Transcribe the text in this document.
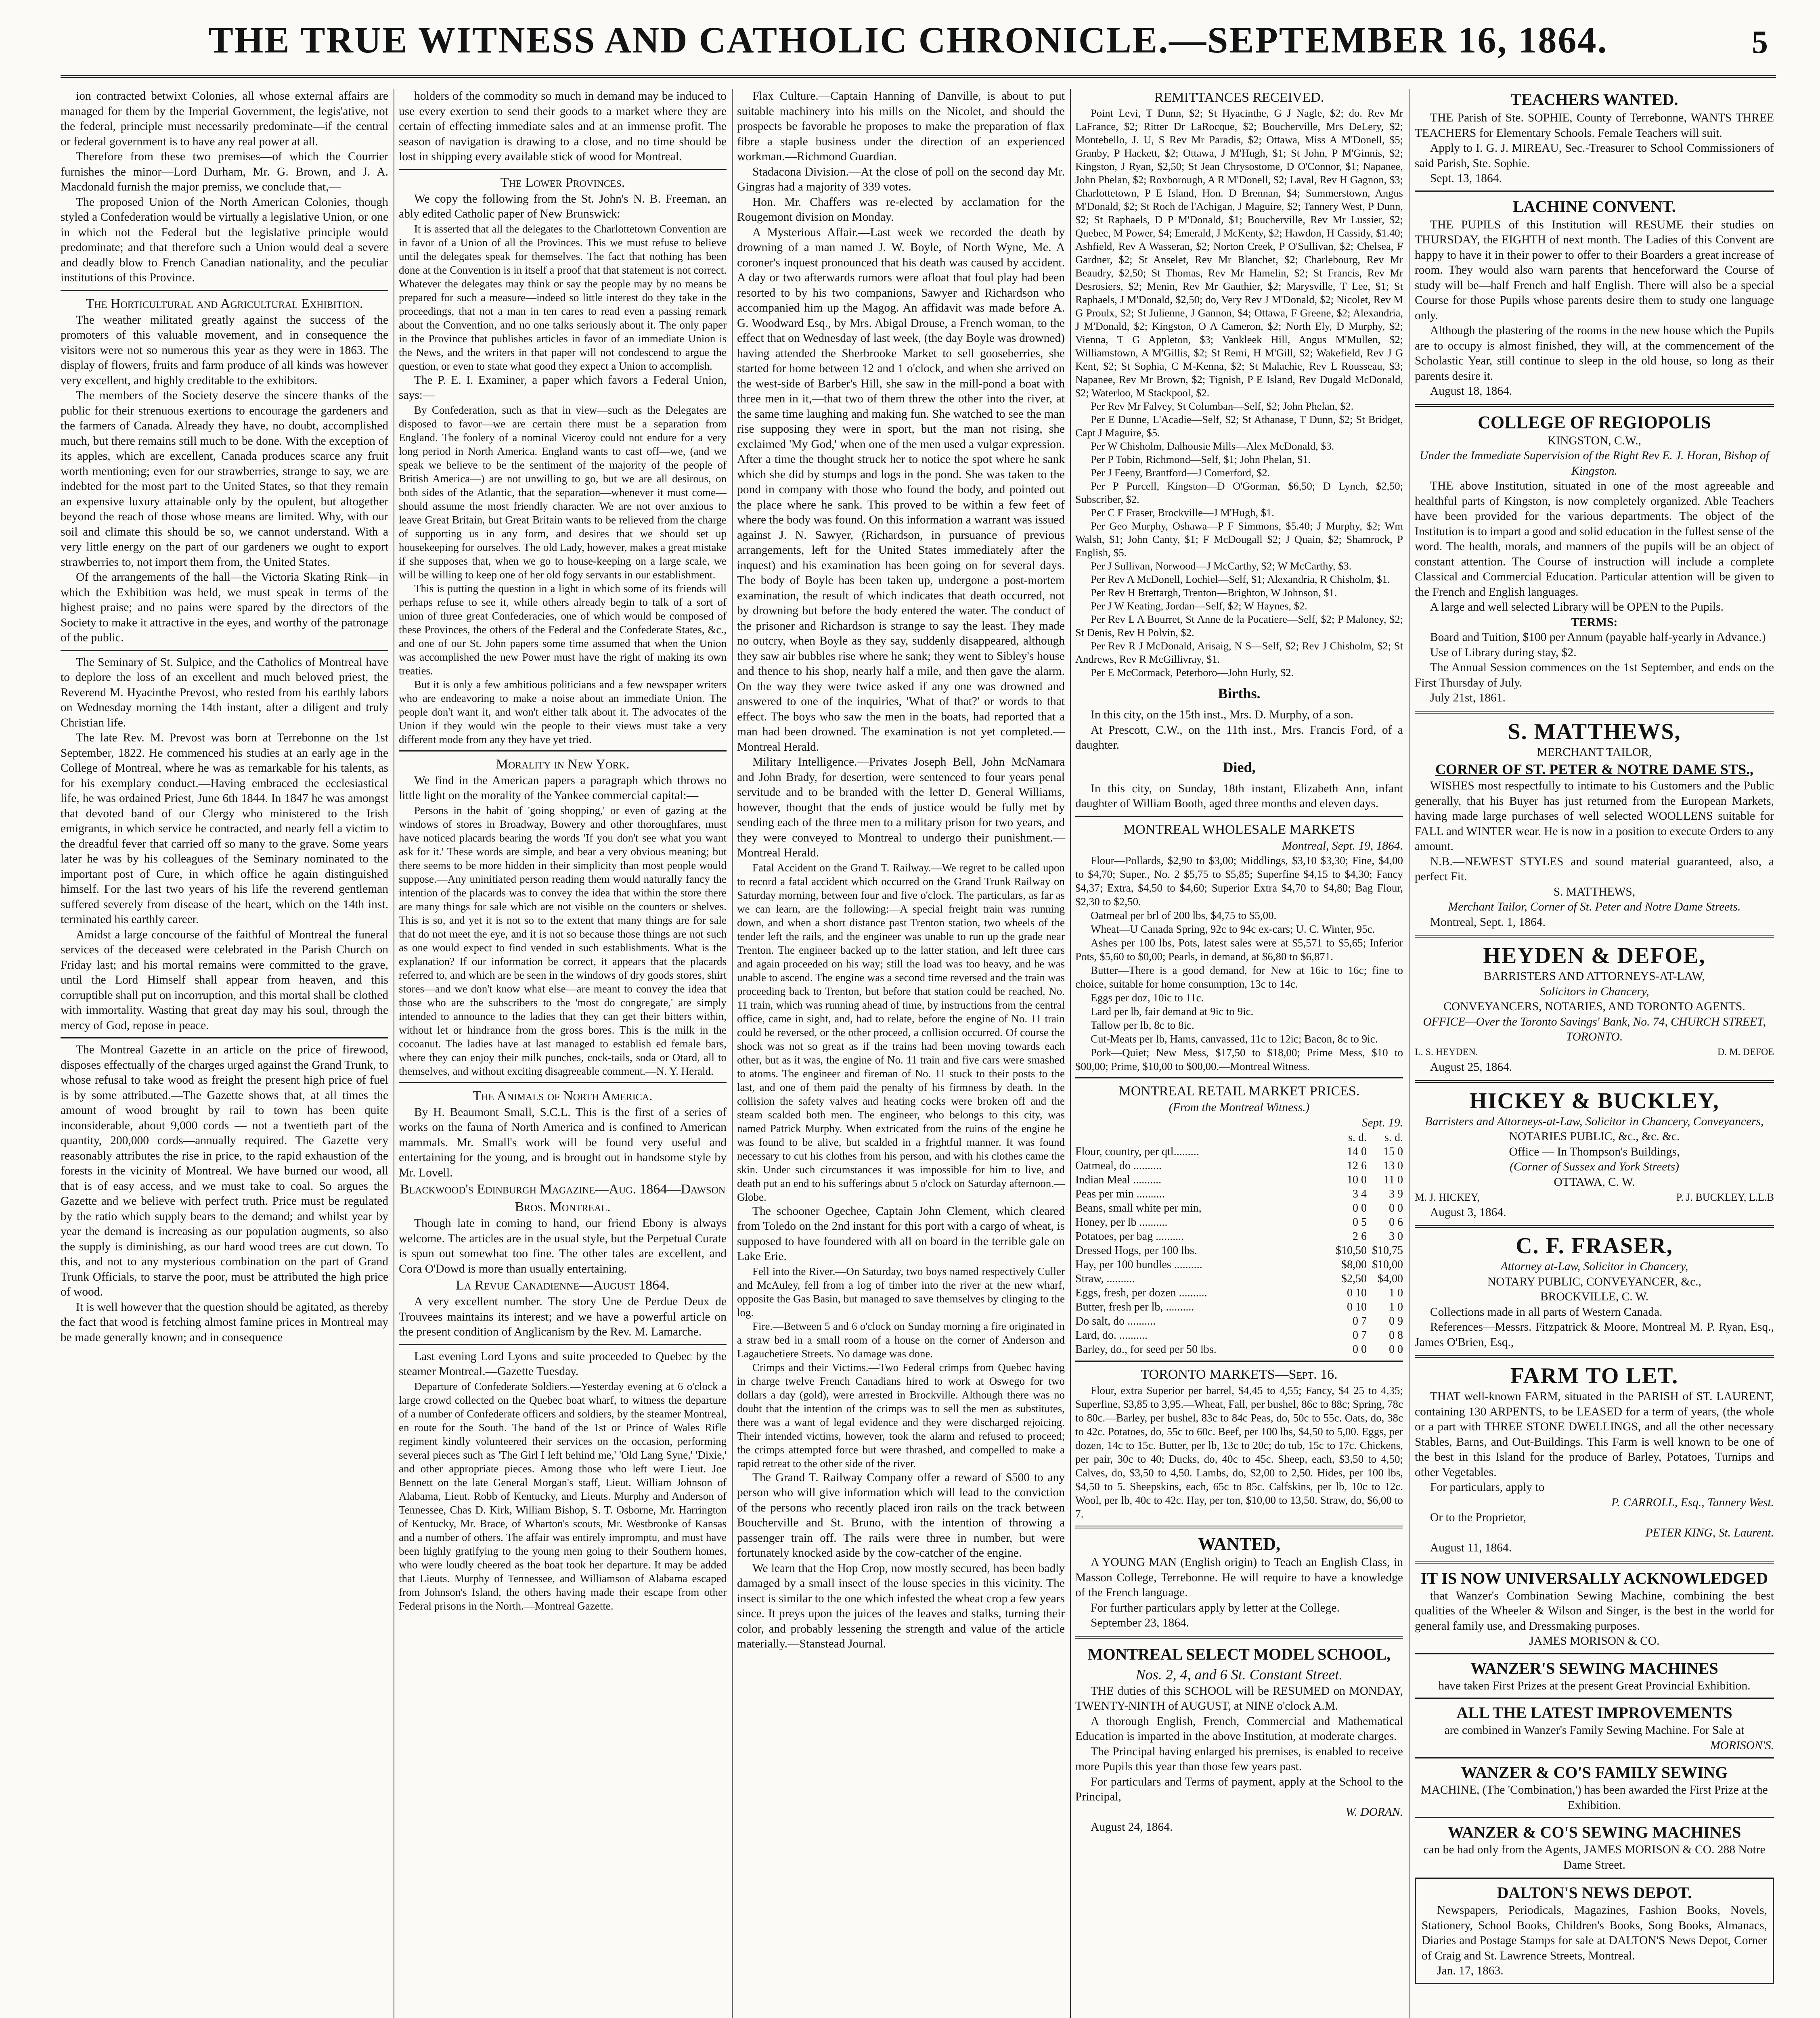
THE TRUE WITNESS AND CATHOLIC CHRONICLE.—SEPTEMBER 16, 1864.	5

ion contracted betwixt Colonies, all whose external affairs are managed for them by the Imperial Government, the legis'ative, not the federal, principle must necessarily predominate—if the central or federal government is to have any real power at all.

Therefore from these two premises—of which the Courrier furnishes the minor—Lord Durham, Mr. G. Brown, and J. A. Macdonald furnish the major premiss, we conclude that,—

The proposed Union of the North American Colonies, though styled a Confederation would be virtually a legislative Union, or one in which not the Federal but the legislative principle would predominate; and that therefore such a Union would deal a severe and deadly blow to French Canadian nationality, and the peculiar institutions of this Province.

The Horticultural and Agricultural Exhibition.

The weather militated greatly against the success of the promoters of this valuable movement, and in consequence the visitors were not so numerous this year as they were in 1863. The display of flowers, fruits and farm produce of all kinds was however very excellent, and highly creditable to the exhibitors.

The members of the Society deserve the sincere thanks of the public for their strenuous exertions to encourage the gardeners and the farmers of Canada. Already they have, no doubt, accomplished much, but there remains still much to be done. With the exception of its apples, which are excellent, Canada produces scarce any fruit worth mentioning; even for our strawberries, strange to say, we are indebted for the most part to the United States, so that they remain an expensive luxury attainable only by the opulent, but altogether beyond the reach of those whose means are limited. Why, with our soil and climate this should be so, we cannot understand. With a very little energy on the part of our gardeners we ought to export strawberries to, not import them from, the United States.

Of the arrangements of the hall—the Victoria Skating Rink—in which the Exhibition was held, we must speak in terms of the highest praise; and no pains were spared by the directors of the Society to make it attractive in the eyes, and worthy of the patronage of the public.

The Seminary of St. Sulpice, and the Catholics of Montreal have to deplore the loss of an excellent and much beloved priest, the Reverend M. Hyacinthe Prevost, who rested from his earthly labors on Wednesday morning the 14th instant, after a diligent and truly Christian life.

The late Rev. M. Prevost was born at Terrebonne on the 1st September, 1822. He commenced his studies at an early age in the College of Montreal, where he was as remarkable for his talents, as for his exemplary conduct.—Having embraced the ecclesiastical life, he was ordained Priest, June 6th 1844. In 1847 he was amongst that devoted band of our Clergy who ministered to the Irish emigrants, in which service he contracted, and nearly fell a victim to the dreadful fever that carried off so many to the grave. Some years later he was by his colleagues of the Seminary nominated to the important post of Cure, in which office he again distinguished himself. For the last two years of his life the reverend gentleman suffered severely from disease of the heart, which on the 14th inst. terminated his earthly career.

Amidst a large concourse of the faithful of Montreal the funeral services of the deceased were celebrated in the Parish Church on Friday last; and his mortal remains were committed to the grave, until the Lord Himself shall appear from heaven, and this corruptible shall put on incorruption, and this mortal shall be clothed with immortality. Wasting that great day may his soul, through the mercy of God, repose in peace.

The Montreal Gazette in an article on the price of firewood, disposes effectually of the charges urged against the Grand Trunk, to whose refusal to take wood as freight the present high price of fuel is by some attributed.—The Gazette shows that, at all times the amount of wood brought by rail to town has been quite inconsiderable, about 9,000 cords — not a twentieth part of the quantity, 200,000 cords—annually required. The Gazette very reasonably attributes the rise in price, to the rapid exhaustion of the forests in the vicinity of Montreal. We have burned our wood, all that is of easy access, and we must take to coal. So argues the Gazette and we believe with perfect truth. Price must be regulated by the ratio which supply bears to the demand; and whilst year by year the demand is increasing as our population augments, so also the supply is diminishing, as our hard wood trees are cut down. To this, and not to any mysterious combination on the part of Grand Trunk Officials, to starve the poor, must be attributed the high price of wood.

It is well however that the question should be agitated, as thereby the fact that wood is fetching almost famine prices in Montreal may be made generally known; and in consequence

holders of the commodity so much in demand may be induced to use every exertion to send their goods to a market where they are certain of effecting immediate sales and at an immense profit. The season of navigation is drawing to a close, and no time should be lost in shipping every available stick of wood for Montreal.

The Lower Provinces.

We copy the following from the St. John's N. B. Freeman, an ably edited Catholic paper of New Brunswick:

It is asserted that all the delegates to the Charlottetown Convention are in favor of a Union of all the Provinces. This we must refuse to believe until the delegates speak for themselves. The fact that nothing has been done at the Convention is in itself a proof that that statement is not correct. Whatever the delegates may think or say the people may by no means be prepared for such a measure—indeed so little interest do they take in the proceedings, that not a man in ten cares to read even a passing remark about the Convention, and no one talks seriously about it. The only paper in the Province that publishes articles in favor of an immediate Union is the News, and the writers in that paper will not condescend to argue the question, or even to state what good they expect a Union to accomplish.

The P. E. I. Examiner, a paper which favors a Federal Union, says:—

By Confederation, such as that in view—such as the Delegates are disposed to favor—we are certain there must be a separation from England. The foolery of a nominal Viceroy could not endure for a very long period in North America. England wants to cast off—we, (and we speak we believe to be the sentiment of the majority of the people of British America—) are not unwilling to go, but we are all desirous, on both sides of the Atlantic, that the separation—whenever it must come—should assume the most friendly character. We are not over anxious to leave Great Britain, but Great Britain wants to be relieved from the charge of supporting us in any form, and desires that we should set up housekeeping for ourselves. The old Lady, however, makes a great mistake if she supposes that, when we go to house-keeping on a large scale, we will be willing to keep one of her old fogy servants in our establishment.

This is putting the question in a light in which some of its friends will perhaps refuse to see it, while others already begin to talk of a sort of union of three great Confederacies, one of which would be composed of these Provinces, the others of the Federal and the Confederate States, &c., and one of our St. John papers some time assumed that when the Union was accomplished the new Power must have the right of making its own treaties.

But it is only a few ambitious politicians and a few newspaper writers who are endeavoring to make a noise about an immediate Union. The people don't want it, and won't either talk about it. The advocates of the Union if they would win the people to their views must take a very different mode from any they have yet tried.

Morality in New York.

We find in the American papers a paragraph which throws no little light on the morality of the Yankee commercial capital:—

Persons in the habit of 'going shopping,' or even of gazing at the windows of stores in Broadway, Bowery and other thoroughfares, must have noticed placards bearing the words 'If you don't see what you want ask for it.' These words are simple, and bear a very obvious meaning; but there seems to be more hidden in their simplicity than most people would suppose.—Any uninitiated person reading them would naturally fancy the intention of the placards was to convey the idea that within the store there are many things for sale which are not visible on the counters or shelves. This is so, and yet it is not so to the extent that many things are for sale that do not meet the eye, and it is not so because those things are not such as one would expect to find vended in such establishments. What is the explanation? If our information be correct, it appears that the placards referred to, and which are be seen in the windows of dry goods stores, shirt stores—and we don't know what else—are meant to convey the idea that those who are the subscribers to the 'most do congregate,' are simply intended to announce to the ladies that they can get their bitters within, without let or hindrance from the gross bores. This is the milk in the cocoanut. The ladies have at last managed to establish ed female bars, where they can enjoy their milk punches, cock-tails, soda or Otard, all to themselves, and without exciting disagreeable comment.—N. Y. Herald.

The Animals of North America.

By H. Beaumont Small, S.C.L. This is the first of a series of works on the fauna of North America and is confined to American mammals. Mr. Small's work will be found very useful and entertaining for the young, and is brought out in handsome style by Mr. Lovell.

Blackwood's Edinburgh Magazine—Aug. 1864—Dawson Bros. Montreal.

Though late in coming to hand, our friend Ebony is always welcome. The articles are in the usual style, but the Perpetual Curate is spun out somewhat too fine. The other tales are excellent, and Cora O'Dowd is more than usually entertaining.

La Revue Canadienne—August 1864.

A very excellent number. The story Une de Perdue Deux de Trouvees maintains its interest; and we have a powerful article on the present condition of Anglicanism by the Rev. M. Lamarche.

Last evening Lord Lyons and suite proceeded to Quebec by the steamer Montreal.—Gazette Tuesday.

Departure of Confederate Soldiers.—Yesterday evening at 6 o'clock a large crowd collected on the Quebec boat wharf, to witness the departure of a number of Confederate officers and soldiers, by the steamer Montreal, en route for the South. The band of the 1st or Prince of Wales Rifle regiment kindly volunteered their services on the occasion, performing several pieces such as 'The Girl I left behind me,' 'Old Lang Syne,' 'Dixie,' and other appropriate pieces. Among those who left were Lieut. Joe Bennett on the late General Morgan's staff, Lieut. William Johnson of Alabama, Lieut. Robb of Kentucky, and Lieuts. Murphy and Anderson of Tennessee, Chas D. Kirk, William Bishop, S. T. Osborne, Mr. Harrington of Kentucky, Mr. Brace, of Wharton's scouts, Mr. Westbrooke of Kansas and a number of others. The affair was entirely impromptu, and must have been highly gratifying to the young men going to their Southern homes, who were loudly cheered as the boat took her departure. It may be added that Lieuts. Murphy of Tennessee, and Williamson of Alabama escaped from Johnson's Island, the others having made their escape from other Federal prisons in the North.—Montreal Gazette.

Flax Culture.—Captain Hanning of Danville, is about to put suitable machinery into his mills on the Nicolet, and should the prospects be favorable he proposes to make the preparation of flax fibre a staple business under the direction of an experienced workman.—Richmond Guardian.

Stadacona Division.—At the close of poll on the second day Mr. Gingras had a majority of 339 votes.

Hon. Mr. Chaffers was re-elected by acclamation for the Rougemont division on Monday.

A Mysterious Affair.—Last week we recorded the death by drowning of a man named J. W. Boyle, of North Wyne, Me. A coroner's inquest pronounced that his death was caused by accident. A day or two afterwards rumors were afloat that foul play had been resorted to by his two companions, Sawyer and Richardson who accompanied him up the Magog. An affidavit was made before A. G. Woodward Esq., by Mrs. Abigal Drouse, a French woman, to the effect that on Wednesday of last week, (the day Boyle was drowned) having attended the Sherbrooke Market to sell gooseberries, she started for home between 12 and 1 o'clock, and when she arrived on the west-side of Barber's Hill, she saw in the mill-pond a boat with three men in it,—that two of them threw the other into the river, at the same time laughing and making fun. She watched to see the man rise supposing they were in sport, but the man not rising, she exclaimed 'My God,' when one of the men used a vulgar expression. After a time the thought struck her to notice the spot where he sank which she did by stumps and logs in the pond. She was taken to the pond in company with those who found the body, and pointed out the place where he sank. This proved to be within a few feet of where the body was found. On this information a warrant was issued against J. N. Sawyer, (Richardson, in pursuance of previous arrangements, left for the United States immediately after the inquest) and his examination has been going on for several days. The body of Boyle has been taken up, undergone a post-mortem examination, the result of which indicates that death occurred, not by drowning but before the body entered the water. The conduct of the prisoner and Richardson is strange to say the least. They made no outcry, when Boyle as they say, suddenly disappeared, although they saw air bubbles rise where he sank; they went to Sibley's house and thence to his shop, nearly half a mile, and then gave the alarm. On the way they were twice asked if any one was drowned and answered to one of the inquiries, 'What of that?' or words to that effect. The boys who saw the men in the boats, had reported that a man had been drowned. The examination is not yet completed.—Montreal Herald.

Military Intelligence.—Privates Joseph Bell, John McNamara and John Brady, for desertion, were sentenced to four years penal servitude and to be branded with the letter D. General Williams, however, thought that the ends of justice would be fully met by sending each of the three men to a military prison for two years, and they were conveyed to Montreal to undergo their punishment.—Montreal Herald.

Fatal Accident on the Grand T. Railway.—We regret to be called upon to record a fatal accident which occurred on the Grand Trunk Railway on Saturday morning, between four and five o'clock. The particulars, as far as we can learn, are the following:—A special freight train was running down, and when a short distance past Trenton station, two wheels of the tender left the rails, and the engineer was unable to run up the grade near Trenton. The engineer backed up to the latter station, and left three cars and again proceeded on his way; still the load was too heavy, and he was unable to ascend. The engine was a second time reversed and the train was proceeding back to Trenton, but before that station could be reached, No. 11 train, which was running ahead of time, by instructions from the central office, came in sight, and, had to relate, before the engine of No. 11 train could be reversed, or the other proceed, a collision occurred. Of course the shock was not so great as if the trains had been moving towards each other, but as it was, the engine of No. 11 train and five cars were smashed to atoms. The engineer and fireman of No. 11 stuck to their posts to the last, and one of them paid the penalty of his firmness by death. In the collision the safety valves and heating cocks were broken off and the steam scalded both men. The engineer, who belongs to this city, was named Patrick Murphy. When extricated from the ruins of the engine he was found to be alive, but scalded in a frightful manner. It was found necessary to cut his clothes from his person, and with his clothes came the skin. Under such circumstances it was impossible for him to live, and death put an end to his sufferings about 5 o'clock on Saturday afternoon.—Globe.

The schooner Ogechee, Captain John Clement, which cleared from Toledo on the 2nd instant for this port with a cargo of wheat, is supposed to have foundered with all on board in the terrible gale on Lake Erie.

Fell into the River.—On Saturday, two boys named respectively Culler and McAuley, fell from a log of timber into the river at the new wharf, opposite the Gas Basin, but managed to save themselves by clinging to the log.

Fire.—Between 5 and 6 o'clock on Sunday morning a fire originated in a straw bed in a small room of a house on the corner of Anderson and Lagauchetiere Streets. No damage was done.

Crimps and their Victims.—Two Federal crimps from Quebec having in charge twelve French Canadians hired to work at Oswego for two dollars a day (gold), were arrested in Brockville. Although there was no doubt that the intention of the crimps was to sell the men as substitutes, there was a want of legal evidence and they were discharged rejoicing. Their intended victims, however, took the alarm and refused to proceed; the crimps attempted force but were thrashed, and compelled to make a rapid retreat to the other side of the river.

The Grand T. Railway Company offer a reward of $500 to any person who will give information which will lead to the conviction of the persons who recently placed iron rails on the track between Boucherville and St. Bruno, with the intention of throwing a passenger train off. The rails were three in number, but were fortunately knocked aside by the cow-catcher of the engine.

We learn that the Hop Crop, now mostly secured, has been badly damaged by a small insect of the louse species in this vicinity. The insect is similar to the one which infested the wheat crop a few years since. It preys upon the juices of the leaves and stalks, turning their color, and probably lessening the strength and value of the article materially.—Stanstead Journal.

REMITTANCES RECEIVED.

Point Levi, T Dunn, $2; St Hyacinthe, G J Nagle, $2; do. Rev Mr LaFrance, $2; Ritter Dr LaRocque, $2; Boucherville, Mrs DeLery, $2; Montebello, J. U, S Rev Mr Paradis, $2; Ottawa, Miss A M'Donell, $5; Granby, P Hackett, $2; Ottawa, J M'Hugh, $1; St John, P M'Ginnis, $2; Kingston, J Ryan, $2,50; St Jean Chrysostome, D O'Connor, $1; Napanee, John Phelan, $2; Roxborough, A R M'Donell, $2; Laval, Rev H Gagnon, $3; Charlottetown, P E Island, Hon. D Brennan, $4; Summerstown, Angus M'Donald, $2; St Roch de l'Achigan, J Maguire, $2; Tannery West, P Dunn, $2; St Raphaels, D P M'Donald, $1; Boucherville, Rev Mr Lussier, $2; Quebec, M Power, $4; Emerald, J McKenty, $2; Hawdon, H Cassidy, $1.40; Ashfield, Rev A Wasseran, $2; Norton Creek, P O'Sullivan, $2; Chelsea, F Gardner, $2; St Anselet, Rev Mr Blanchet, $2; Charlebourg, Rev Mr Beaudry, $2,50; St Thomas, Rev Mr Hamelin, $2; St Francis, Rev Mr Desrosiers, $2; Menin, Rev Mr Gauthier, $2; Marysville, T Lee, $1; St Raphaels, J M'Donald, $2,50; do, Very Rev J M'Donald, $2; Nicolet, Rev M G Proulx, $2; St Julienne, J Gannon, $4; Ottawa, F Greene, $2; Alexandria, J M'Donald, $2; Kingston, O A Cameron, $2; North Ely, D Murphy, $2; Vienna, T G Appleton, $3; Vankleek Hill, Angus M'Mullen, $2; Williamstown, A M'Gillis, $2; St Remi, H M'Gill, $2; Wakefield, Rev J G Kent, $2; St Sophia, C M-Kenna, $2; St Malachie, Rev L Rousseau, $3; Napanee, Rev Mr Brown, $2; Tignish, P E Island, Rev Dugald McDonald, $2; Waterloo, M Stackpool, $2.

Per Rev Mr Falvey, St Columban—Self, $2; John Phelan, $2.

Per E Dunne, L'Acadie—Self, $2; St Athanase, T Dunn, $2; St Bridget, Capt J Maguire, $5.

Per W Chisholm, Dalhousie Mills—Alex McDonald, $3.

Per P Tobin, Richmond—Self, $1; John Phelan, $1.

Per J Feeny, Brantford—J Comerford, $2.

Per P Purcell, Kingston—D O'Gorman, $6,50; D Lynch, $2,50; Subscriber, $2.

Per C F Fraser, Brockville—J M'Hugh, $1.

Per Geo Murphy, Oshawa—P F Simmons, $5.40; J Murphy, $2; Wm Walsh, $1; John Canty, $1; F McDougall $2; J Quain, $2; Shamrock, P English, $5.

Per J Sullivan, Norwood—J McCarthy, $2; W McCarthy, $3.

Per Rev A McDonell, Lochiel—Self, $1; Alexandria, R Chisholm, $1.

Per Rev H Brettargh, Trenton—Brighton, W Johnson, $1.

Per J W Keating, Jordan—Self, $2; W Haynes, $2.

Per Rev L A Bourret, St Anne de la Pocatiere—Self, $2; P Maloney, $2; St Denis, Rev H Polvin, $2.

Per Rev R J McDonald, Arisaig, N S—Self, $2; Rev J Chisholm, $2; St Andrews, Rev R McGillivray, $1.

Per E McCormack, Peterboro—John Hurly, $2.

Births.

In this city, on the 15th inst., Mrs. D. Murphy, of a son.

At Prescott, C.W., on the 11th inst., Mrs. Francis Ford, of a daughter.

Died,

In this city, on Sunday, 18th instant, Elizabeth Ann, infant daughter of William Booth, aged three months and eleven days.

MONTREAL WHOLESALE MARKETS

Montreal, Sept. 19, 1864.

Flour—Pollards, $2,90 to $3,00; Middlings, $3,10 $3,30; Fine, $4,00 to $4,70; Super., No. 2 $5,75 to $5,85; Superfine $4,15 to $4,30; Fancy $4,37; Extra, $4,50 to $4,60; Superior Extra $4,70 to $4,80; Bag Flour, $2,30 to $2,50.

Oatmeal per brl of 200 lbs, $4,75 to $5,00.

Wheat—U Canada Spring, 92c to 94c ex-cars; U. C. Winter, 95c.

Ashes per 100 lbs, Pots, latest sales were at $5,571 to $5,65; Inferior Pots, $5,60 to $0,00; Pearls, in demand, at $6,80 to $6,871.

Butter—There is a good demand, for New at 16ic to 16c; fine to choice, suitable for home consumption, 13c to 14c.

Eggs per doz, 10ic to 11c.

Lard per lb, fair demand at 9ic to 9ic.

Tallow per lb, 8c to 8ic.

Cut-Meats per lb, Hams, canvassed, 11c to 12ic; Bacon, 8c to 9ic.

Pork—Quiet; New Mess, $17,50 to $18,00; Prime Mess, $10 to $00,00; Prime, $10,00 to $00,00.—Montreal Witness.

MONTREAL RETAIL MARKET PRICES.

(From the Montreal Witness.)

Sept. 19.

	s. d.	s. d.
Flour, country, per qtl.........	14 0	15 0
Oatmeal, do ..........	12 6	13 0
Indian Meal ..........	10 0	11 0
Peas per min ..........	3 4	3 9
Beans, small white per min,	0 0	0 0
Honey, per lb ..........	0 5	0 6
Potatoes, per bag ..........	2 6	3 0
Dressed Hogs, per 100 lbs.	$10,50	$10,75
Hay, per 100 bundles ..........	$8,00	$10,00
Straw, ..........	$2,50	$4,00
Eggs, fresh, per dozen ..........	0 10	1 0
Butter, fresh per lb, ..........	0 10	1 0
Do salt, do ..........	0 7	0 9
Lard, do. ..........	0 7	0 8
Barley, do., for seed per 50 lbs.	0 0	0 0

TORONTO MARKETS—Sept. 16.

Flour, extra Superior per barrel, $4,45 to 4,55; Fancy, $4 25 to 4,35; Superfine, $3,85 to 3,95.—Wheat, Fall, per bushel, 86c to 88c; Spring, 78c to 80c.—Barley, per bushel, 83c to 84c Peas, do, 50c to 55c. Oats, do, 38c to 42c. Potatoes, do, 55c to 60c. Beef, per 100 lbs, $4,50 to 5,00. Eggs, per dozen, 14c to 15c. Butter, per lb, 13c to 20c; do tub, 15c to 17c. Chickens, per pair, 30c to 40; Ducks, do, 40c to 45c. Sheep, each, $3,50 to 4,50; Calves, do, $3,50 to 4,50. Lambs, do, $2,00 to 2,50. Hides, per 100 lbs, $4,50 to 5. Sheepskins, each, 65c to 85c. Calfskins, per lb, 10c to 12c. Wool, per lb, 40c to 42c. Hay, per ton, $10,00 to 13,50. Straw, do, $6,00 to 7.

WANTED,

A YOUNG MAN (English origin) to Teach an English Class, in Masson College, Terrebonne. He will require to have a knowledge of the French language.

For further particulars apply by letter at the College.

September 23, 1864.

MONTREAL SELECT MODEL SCHOOL,

Nos. 2, 4, and 6 St. Constant Street.

THE duties of this SCHOOL will be RESUMED on MONDAY, TWENTY-NINTH of AUGUST, at NINE o'clock A.M.

A thorough English, French, Commercial and Mathematical Education is imparted in the above Institution, at moderate charges.

The Principal having enlarged his premises, is enabled to receive more Pupils this year than those few years past.

For particulars and Terms of payment, apply at the School to the Principal,

W. DORAN.

August 24, 1864.

TEACHERS WANTED.

THE Parish of Ste. SOPHIE, County of Terrebonne, WANTS THREE TEACHERS for Elementary Schools. Female Teachers will suit.

Apply to I. G. J. MIREAU, Sec.-Treasurer to School Commissioners of said Parish, Ste. Sophie.

Sept. 13, 1864.

LACHINE CONVENT.

THE PUPILS of this Institution will RESUME their studies on THURSDAY, the EIGHTH of next month. The Ladies of this Convent are happy to have it in their power to offer to their Boarders a great increase of room. They would also warn parents that henceforward the Course of study will be—half French and half English. There will also be a special Course for those Pupils whose parents desire them to study one language only.

Although the plastering of the rooms in the new house which the Pupils are to occupy is almost finished, they will, at the commencement of the Scholastic Year, still continue to sleep in the old house, so long as their parents desire it.

August 18, 1864.

COLLEGE OF REGIOPOLIS

KINGSTON, C.W.,

Under the Immediate Supervision of the Right Rev E. J. Horan, Bishop of Kingston.

THE above Institution, situated in one of the most agreeable and healthful parts of Kingston, is now completely organized. Able Teachers have been provided for the various departments. The object of the Institution is to impart a good and solid education in the fullest sense of the word. The health, morals, and manners of the pupils will be an object of constant attention. The Course of instruction will include a complete Classical and Commercial Education. Particular attention will be given to the French and English languages.

A large and well selected Library will be OPEN to the Pupils.

TERMS:

Board and Tuition, $100 per Annum (payable half-yearly in Advance.)

Use of Library during stay, $2.

The Annual Session commences on the 1st September, and ends on the First Thursday of July.

July 21st, 1861.

S. MATTHEWS,

MERCHANT TAILOR,

CORNER OF ST. PETER & NOTRE DAME STS.,

WISHES most respectfully to intimate to his Customers and the Public generally, that his Buyer has just returned from the European Markets, having made large purchases of well selected WOOLLENS suitable for FALL and WINTER wear. He is now in a position to execute Orders to any amount.

N.B.—NEWEST STYLES and sound material guaranteed, also, a perfect Fit.

S. MATTHEWS,

Merchant Tailor, Corner of St. Peter and Notre Dame Streets.

Montreal, Sept. 1, 1864.

HEYDEN & DEFOE,

BARRISTERS AND ATTORNEYS-AT-LAW,

Solicitors in Chancery,

CONVEYANCERS, NOTARIES, AND TORONTO AGENTS.

OFFICE—Over the Toronto Savings' Bank, No. 74, CHURCH STREET, TORONTO.

L. S. HEYDEN.	D. M. DEFOE

August 25, 1864.

HICKEY & BUCKLEY,

Barristers and Attorneys-at-Law, Solicitor in Chancery, Conveyancers,

NOTARIES PUBLIC, &c., &c. &c.

Office — In Thompson's Buildings,

(Corner of Sussex and York Streets)

OTTAWA, C. W.

M. J. HICKEY,	P. J. BUCKLEY, L.L.B

August 3, 1864.

C. F. FRASER,

Attorney at-Law, Solicitor in Chancery,

NOTARY PUBLIC, CONVEYANCER, &c.,

BROCKVILLE, C. W.

Collections made in all parts of Western Canada.

References—Messrs. Fitzpatrick & Moore, Montreal M. P. Ryan, Esq., James O'Brien, Esq.,

FARM TO LET.

THAT well-known FARM, situated in the PARISH of ST. LAURENT, containing 130 ARPENTS, to be LEASED for a term of years, (the whole or a part with THREE STONE DWELLINGS, and all the other necessary Stables, Barns, and Out-Buildings. This Farm is well known to be one of the best in this Island for the produce of Barley, Potatoes, Turnips and other Vegetables.

For particulars, apply to

P. CARROLL, Esq., Tannery West.

Or to the Proprietor,

PETER KING, St. Laurent.

August 11, 1864.

IT IS NOW UNIVERSALLY ACKNOWLEDGED

that Wanzer's Combination Sewing Machine, combining the best qualities of the Wheeler & Wilson and Singer, is the best in the world for general family use, and Dressmaking purposes.

JAMES MORISON & CO.

WANZER'S SEWING MACHINES

have taken First Prizes at the present Great Provincial Exhibition.

ALL THE LATEST IMPROVEMENTS

are combined in Wanzer's Family Sewing Machine. For Sale at

MORISON'S.

WANZER & CO'S FAMILY SEWING

MACHINE, (The 'Combination,') has been awarded the First Prize at the Exhibition.

WANZER & CO'S SEWING MACHINES

can be had only from the Agents, JAMES MORISON & CO. 288 Notre Dame Street.

DALTON'S NEWS DEPOT.

Newspapers, Periodicals, Magazines, Fashion Books, Novels, Stationery, School Books, Children's Books, Song Books, Almanacs, Diaries and Postage Stamps for sale at DALTON'S News Depot, Corner of Craig and St. Lawrence Streets, Montreal.

Jan. 17, 1863.
